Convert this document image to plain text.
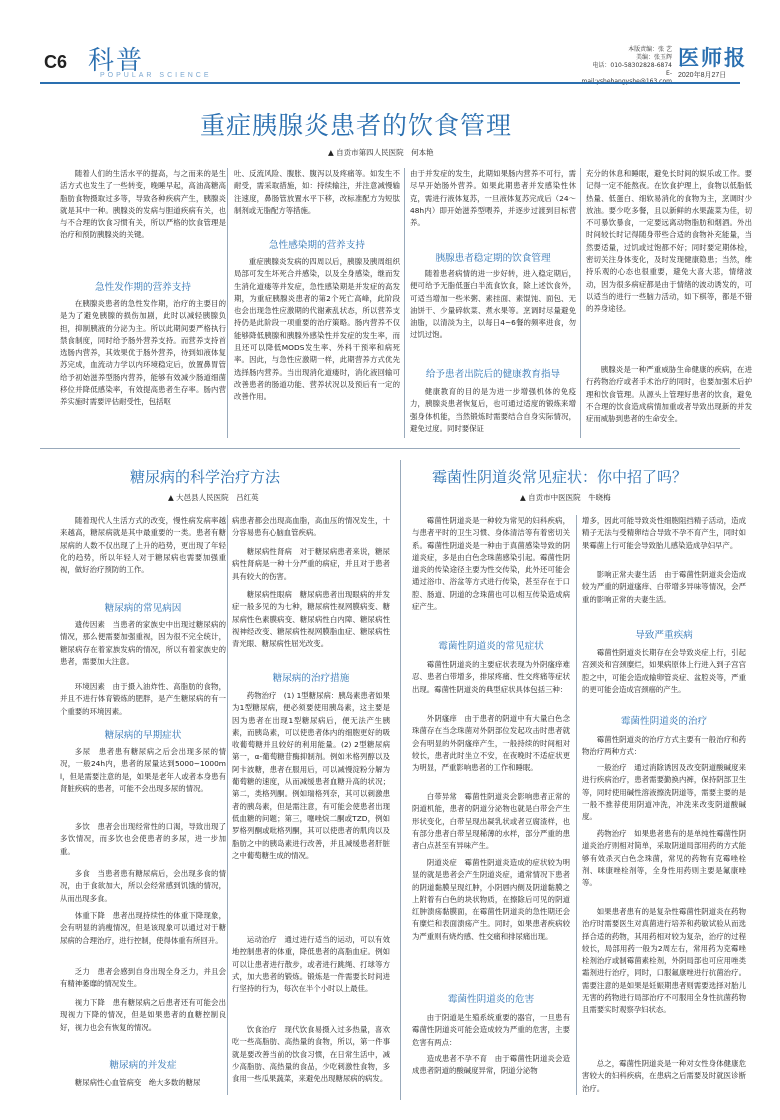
C6 科普
POPULAR SCIENCE
本版责编：张 艺
美编：张玉辉
电话：010-58302828-6874
E-
医师报
2020年8月27日
重症胰腺炎患者的饮食管理
▲ 自贡市第四人民医院　何本艳

随着人们的生活水平的提高，与之而来的是生活方式也发生了一些转变，晚睡早起，高油高糖高脂肪食物摄取过多等，导致各种疾病产生，胰腺炎就是其中一种。胰腺炎的发病与胆道疾病有关，也与不合理的饮食习惯有关，所以严格的饮食管理是治疗和预防胰腺炎的关键。

急性发作期的营养支持

在胰腺炎患者的急性发作期，治疗的主要目的是为了避免胰腺的损伤加剧，此时以减轻胰腺负担，抑制胰液的分泌为主。所以此期间要严格执行禁食制度，同时给予肠外营养支持。而营养支持首选肠内营养，其效果优于肠外营养，待到如液体复苏完成，血流动力学以内环境稳定后，放置鼻胃管给予初始滋养型肠内营养，能够有效减少肠道细菌移位并降低感染率，有效提高患者生存率。肠内营养实施时需要评估耐受性，包括呕

吐、反流风险、腹胀、腹泻以及疼痛等。如发生不耐受，需采取措施，如：持续输注，并注意减慢输注速度，鼻肠管放置水平下移，改标准配方为短肽制剂或无脂配方等措施。

急性感染期的营养支持

重症胰腺炎发病的四周以后，胰腺及胰周组织局部可发生坏死合并感染，以及全身感染，继而发生消化道瘘等并发症，急性感染期是并发症的高发期，为重症胰腺炎患者的第2个死亡高峰，此阶段也会出现急性应激期的代谢紊乱状态，所以营养支持仍是此阶段一项重要的治疗策略。肠内营养不仅能够降低胰腺和胰腺外感染性并发症的发生率，而且还可以降低MODS发生率、外科干预率和病死率。因此，与急性应激期一样，此期营养方式优先选择肠内营养。当出现消化道瘘时，消化液回输可改善患者的肠道功能、营养状况以及预后有一定的改善作用。

由于并发症的发生，此期如果肠内营养不可行，需尽早开始肠外营养。如果此期患者并发感染性休克，需进行液体复苏，一旦液体复苏完成后（24～48h内）即开始滋养型喂养，并逐步过渡到目标营养。

胰腺患者稳定期的饮食管理

随着患者病情的进一步好转，进入稳定期后，便可给予无脂低蛋白半流食饮食，除上述饮食外，可适当增加一些米粥、素挂面、素馄饨、面包、无油饼干、少量碎软菜、煮水果等。烹调时尽量避免油脂，以清淡为主，以每日4~6餐的频率进食，勿过饥过饱。

给予患者出院后的健康教育指导

健康教育的目的是为进一步增强机体的免疫力，胰腺炎患者恢复后，也可通过适度的锻炼来增强身体机能，当然锻炼时需要结合自身实际情况，避免过度。同时要保证

充分的休息和睡眠，避免长时间的娱乐或工作。要记得一定不能熬夜。在饮食护理上，食物以低脂低热量、低蛋白、细软易消化的食物为主，烹调时少放油。要少吃多餐，且以新鲜的水果蔬菜为佳，切不可暴饮暴食，一定要远离动物脂肪和烟酒。外出时间较长时记得随身带些合适的食物补充能量，当然要适量，过饥或过饱都不好；同时要定期体检，密切关注身体变化，及时发现健康隐患；当然，维持乐观的心态也很重要，避免大喜大悲，情绪波动，因为很多病症都是由于情绪的波动诱发的，可以适当的进行一些脑力活动，如下棋等，都是不错的养身途径。

胰腺炎是一种严重威胁生命健康的疾病，在进行药物治疗或者手术治疗的同时，也要加强术后护理和饮食管理。从源头上管理好患者的饮食，避免不合理的饮食造成病情加重或者导致出现新的并发症而威胁到患者的生命安全。

糖尿病的科学治疗方法
▲ 大邑县人民医院　吕红英

随着现代人生活方式的改变，慢性病发病率越来越高，糖尿病就是其中最重要的一类。患者有糖尿病的人数不仅出现了上升的趋势，更出现了年轻化的趋势，所以年轻人对于糖尿病也需要加强重视，做好治疗预防的工作。

糖尿病的常见病因

遗传因素　当患者的家族史中出现过糖尿病的情况，那么便需要加强重视，因为很不完全统计，糖尿病存在着家族发病的情况，所以有着家族史的患者，需要加大注意。

环境因素　由于摄入油炸性、高脂肪的食物，并且不进行体育锻炼的肥胖，是产生糖尿病的有一个重要的环境因素。

糖尿病的早期症状

多尿　患者患有糖尿病之后会出现多尿的情况，一般24h内，患者的尿量达到5000~1000ml，但是需要注意的是，如果是老年人或者本身患有肾脏疾病的患者，可能不会出现多尿的情况。

多饮　患者会出现经常性的口渴，导致出现了多饮情况，而多饮也会使患者的多尿，进一步加重。

多食　当患者患有糖尿病后，会出现多食的情况，由于食欲加大，所以会经常感到饥饿的情况，从而出现多食。

体重下降　患者出现持续性的体重下降现象，会有明显的消瘦情况，但是该现象可以通过对于糖尿病的合理治疗，进行控制，使得体重有所回升。

乏力　患者会感到自身出现全身乏力，并且会有精神萎靡的情况发生。

视力下降　患有糖尿病之后患者还有可能会出现视力下降的情况，但是如果患者的血糖控制良好，视力也会有恢复的情况。

糖尿病的并发症

糖尿病性心血管病变　绝大多数的糖尿

病患者都会出现高血脂，高血压的情况发生，十分容易患有心脑血管疾病。

糖尿病性肾病　对于糖尿病患者来说，糖尿病性肾病是一种十分严重的病症，并且对于患者具有较大的伤害。

糖尿病性眼病　糖尿病患者出现眼病的并发症一般多见的为七种，糖尿病性视网膜病变、糖尿病性色素膜病变、糖尿病性白内障、糖尿病性视神经改变、糖尿病性视网膜脂血症、糖尿病性青光眼、糖尿病性屈光改变。

糖尿病的治疗措施

药物治疗　(1) 1型糖尿病：胰岛素患者如果为1型糖尿病，便必须要使用胰岛素，这主要是因为患者在出现1型糖尿病后，便无法产生胰素，而胰岛素，可以使患者体内的细胞更好的吸收葡萄糖并且较好的利用能量。(2) 2型糖尿病 第一，α-葡萄糖苷酶抑制剂。例如米格列醇以及阿卡波糖，患者在服用后，可以减慢淀粉分解为葡萄糖的速度，从而减缓患者血糖升高的状况；第二，类格列酮。例如瑞格列奈，其可以刺激患者的胰岛素，但是需注意，有可能会使患者出现低血糖的问题；第三，噻唑烷二酮或TZD，例如罗格列酮或吡格列酮，其可以使患者的肌肉以及脂肪之中的胰岛素进行改善，并且减缓患者肝脏之中葡萄糖生成的情况。

运动治疗　通过进行适当的运动，可以有效地控制患者的体重，降低患者的高脂血症。例如可以让患者进行散步，或者进行跳绳、打球等方式，加大患者的锻炼。锻炼是一件需要长时间进行坚持的行为，每次在半个小时以上最佳。

饮食治疗　现代饮食易摄入过多热量，喜欢吃一些高脂肪、高热量的食物，所以，第一件事就是要改善当前的饮食习惯，在日常生活中，减少高脂肪、高热量的食品，少吃刺激性食物，多食用一些瓜果蔬菜，来避免出现糖尿病的病发。

霉菌性阴道炎常见症状：你中招了吗？
▲ 自贡市中医医院　牛晓梅

霉菌性阴道炎是一种较为常见的妇科疾病，与患者平时的卫生习惯、身体清洁等有着密切关系。霉菌性阴道炎是一种由于真菌感染导致的阴道炎症，多是由白色念珠菌感染引起。霉菌性阴道炎的传染途径主要为性交传染，此外还可能会通过浴巾、浴盆等方式进行传染，甚至存在于口腔、肠道、阴道的念珠菌也可以相互传染造成病症产生。

霉菌性阴道炎的常见症状

霉菌性阴道炎的主要症状表现为外阴瘙痒难忍、患者白带增多，排尿疼痛、性交疼痛等症状出现。霉菌性阴道炎的典型症状具体包括三种：

外阴瘙痒　由于患者的阴道中有大量白色念珠菌存在当念珠菌对外阴部位发起攻击时患者就会有明显的外阴瘙痒产生，一般持续的时间相对较长，患者此时坐立不安，在夜晚时不适症状更为明显，严重影响患者的工作和睡眠。

白带异常　霉菌性阴道炎会影响患者正常的阴道机能，患者的阴道分泌物也就是白带会产生形状变化，白带呈现出凝乳状或者豆腐渣样，也有部分患者白带呈现稀薄的水样，部分严重的患者白点甚至有异味产生。

阴道炎症　霉菌性阴道炎造成的症状较为明显的就是患者会产生阴道炎症，通常情况下患者的阴道黏膜呈现红肿，小阴唇内侧及阴道黏膜之上附着有白色的块状物质，在擦除后可见的阴道红肿溃疡黏膜面，在霉菌性阴道炎的急性期还会有糜烂和表面溃疡产生。同时，如果患者疾病较为严重则有烧灼感、性交痛和排尿痛出现。

霉菌性阴道炎的危害

由于阴道是生殖系统重要的器官，一旦患有霉菌性阴道炎可能会造成较为严重的危害，主要危害有两点：

造成患者不孕不育　由于霉菌性阴道炎会造成患者阴道的酸碱度异常，阴道分泌物

增多，因此可能导致炎性细胞阻挡精子活动，造成精子无法与受精卵结合导致不孕不育产生，同时如果霉菌上行可能会导致胎儿感染造成孕妇早产。

影响正常夫妻生活　由于霉菌性阴道炎会造成较为严重的阴道瘙痒、白带增多异味等情况，会严重的影响正常的夫妻生活。

导致严重疾病

霉菌性阴道炎长期存在会导致炎症上行，引起宫颈炎和宫颈糜烂，如果病原体上行进入到子宫宫腔之中，可能会造成输卵管炎症、盆腔炎等，严重的更可能会造成宫颈癌的产生。

霉菌性阴道炎的治疗

霉菌性阴道炎的治疗方式主要有一般治疗和药物治疗两种方式：

一般治疗　通过消除诱因及改变阴道酸碱度来进行疾病治疗，患者需要勤换内裤，保持阴部卫生等，同时使用碱性溶液擦洗阴道等，需要主要的是一般不推荐使用阴道冲洗，冲洗来改变阴道酸碱度。

药物治疗　如果患者患有的是单纯性霉菌性阴道炎治疗则相对简单，采取阴道局部用药的方式能够有效杀灭白色念珠菌，常见的药物有克霉唑栓剂、咪康唑栓剂等，全身性用药则主要是氟康唑等。

如果患者患有的是复杂性霉菌性阴道炎在药物治疗时需要医生对真菌进行培养和药敏试验从而选择合适的药物，其用药相对较为复杂，治疗的过程较长，局部用药一般为2周左右，常用药为克霉唑栓剂治疗或制霉菌素栓剂，外阴局部也可应用唑类霜剂进行治疗，同时，口服氟康唑进行抗菌治疗。需要注意的是如果是妊娠期患者则需要选择对胎儿无害的药物进行局部治疗不可服用全身性抗菌药物且需要实时观察孕妇状态。

总之，霉菌性阴道炎是一种对女性身体健康危害较大的妇科疾病，在患病之后需要及时就医诊断治疗。
